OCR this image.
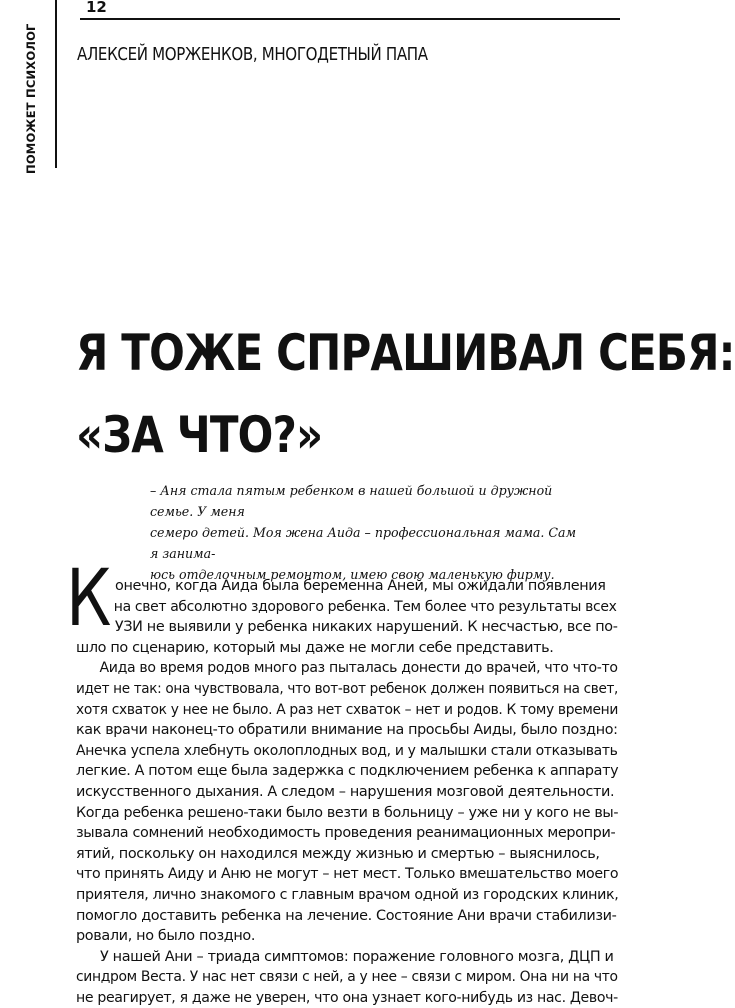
12
ПОМОЖЕТ ПСИХОЛОГ АЛЕКСЕЙ МОРЖЕНКОВ, МНОГОДЕТНЫЙ ПАПА
Я ТОЖЕ СПРАШИВАЛ СЕБЯ:
«ЗА ЧТО?»
– Аня стала пятым ребенком в нашей большой и дружной семье. У меня
семеро детей. Моя жена Аида – профессиональная мама. Сам я занима-
юсь отделочным ремонтом, имею свою маленькую фирму.
К онечно, когда Аида была беременна Аней, мы ожидали появления
на свет абсолютно здорового ребенка. Тем более что результаты всех
УЗИ не выявили у ребенка никаких нарушений. К несчастью, все по-
шло по сценарию, который мы даже не могли себе представить.
Аида во время родов много раз пыталась донести до врачей, что что-то
идет не так: она чувствовала, что вот-вот ребенок должен появиться на свет,
хотя схваток у нее не было. А раз нет схваток – нет и родов. К тому времени
как врачи наконец-то обратили внимание на просьбы Аиды, было поздно:
Анечка успела хлебнуть околоплодных вод, и у малышки стали отказывать
легкие. А потом еще была задержка с подключением ребенка к аппарату
искусственного дыхания. А следом – нарушения мозговой деятельности.
Когда ребенка решено-таки было везти в больницу – уже ни у кого не вы-
зывала сомнений необходимость проведения реанимационных меропри-
ятий, поскольку он находился между жизнью и смертью – выяснилось,
что принять Аиду и Аню не могут – нет мест. Только вмешательство моего
приятеля, лично знакомого с главным врачом одной из городских клиник,
помогло доставить ребенка на лечение. Состояние Ани врачи стабилизи-
ровали, но было поздно.
У нашей Ани – триада симптомов: поражение головного мозга, ДЦП и
синдром Веста. У нас нет связи с ней, а у нее – связи с миром. Она ни на что
не реагирует, я даже не уверен, что она узнает кого-нибудь из нас. Девоч-
